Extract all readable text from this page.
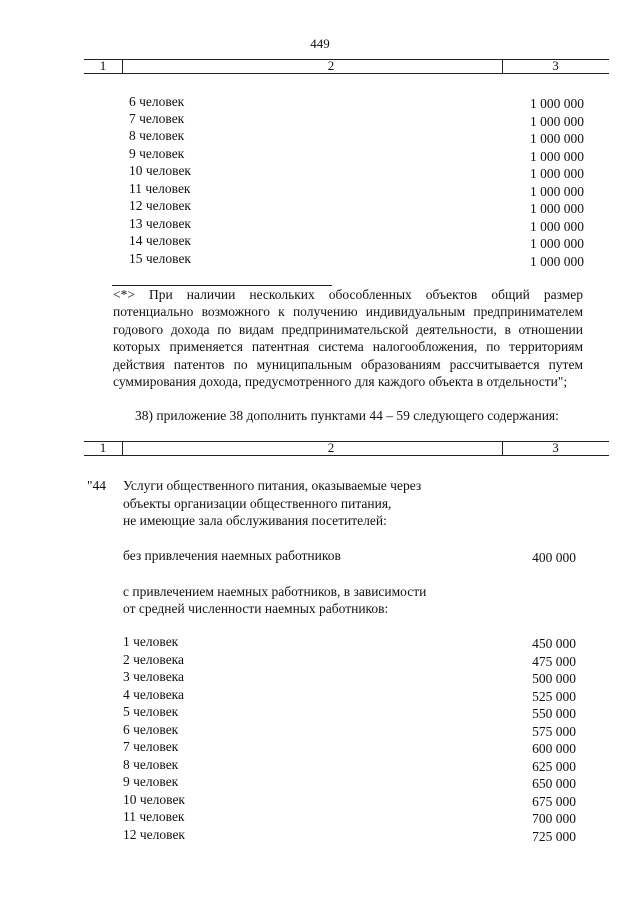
449
1	2	3
6 человек	1 000 000
7 человек	1 000 000
8 человек	1 000 000
9 человек	1 000 000
10 человек	1 000 000
11 человек	1 000 000
12 человек	1 000 000
13 человек	1 000 000
14 человек	1 000 000
15 человек	1 000 000
<*> При наличии нескольких обособленных объектов общий размер
потенциально возможного к получению индивидуальным предпринимателем
годового дохода по видам предпринимательской деятельности, в отношении
которых применяется патентная система налогообложения, по территориям
действия патентов по муниципальным образованиям рассчитывается путем
суммирования дохода, предусмотренного для каждого объекта в отдельности";
38) приложение 38 дополнить пунктами 44 – 59 следующего содержания:
1	2	3
"44 Услуги общественного питания, оказываемые через
объекты организации общественного питания,
не имеющие зала обслуживания посетителей:
без привлечения наемных работников	400 000
с привлечением наемных работников, в зависимости
от средней численности наемных работников:
1 человек	450 000
2 человека	475 000
3 человека	500 000
4 человека	525 000
5 человек	550 000
6 человек	575 000
7 человек	600 000
8 человек	625 000
9 человек	650 000
10 человек	675 000
11 человек	700 000
12 человек	725 000
